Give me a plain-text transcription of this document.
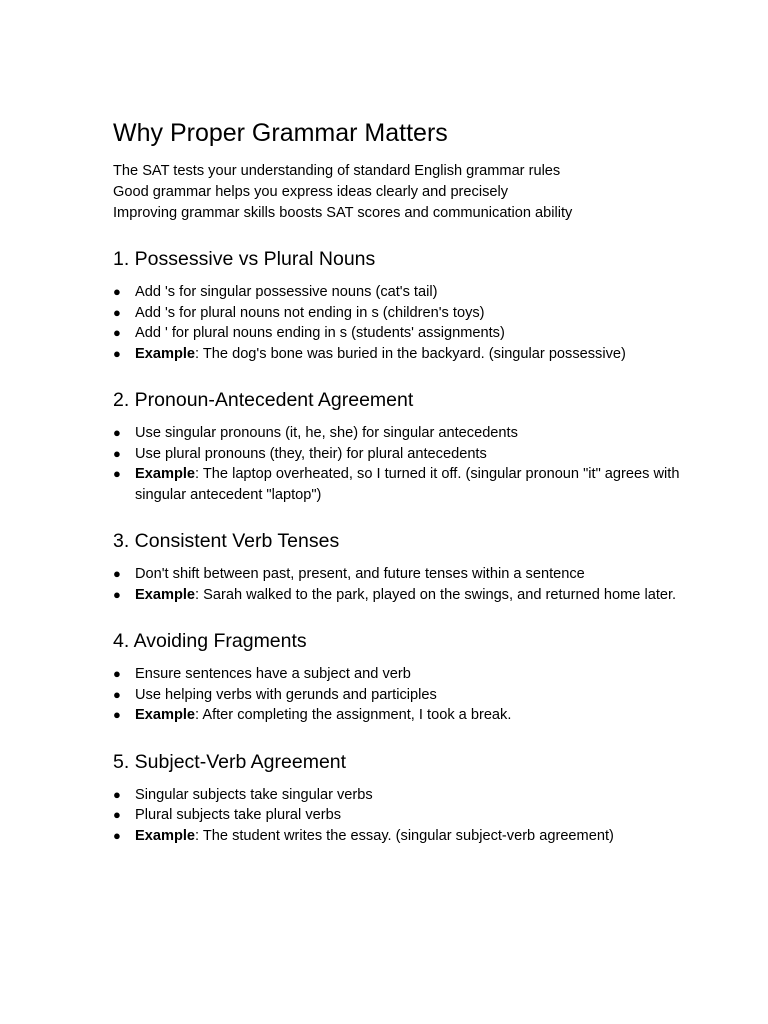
Why Proper Grammar Matters

The SAT tests your understanding of standard English grammar rules

Good grammar helps you express ideas clearly and precisely

Improving grammar skills boosts SAT scores and communication ability

1. Possessive vs Plural Nouns
● Add 's for singular possessive nouns (cat's tail)
● Add 's for plural nouns not ending in s (children's toys)
● Add ' for plural nouns ending in s (students' assignments)
● Example: The dog's bone was buried in the backyard. (singular possessive)
2. Pronoun-Antecedent Agreement
● Use singular pronouns (it, he, she) for singular antecedents
● Use plural pronouns (they, their) for plural antecedents
● Example: The laptop overheated, so I turned it off. (singular pronoun "it" agrees with singular antecedent "laptop")
3. Consistent Verb Tenses
● Don't shift between past, present, and future tenses within a sentence
● Example: Sarah walked to the park, played on the swings, and returned home later.
4. Avoiding Fragments
● Ensure sentences have a subject and verb
● Use helping verbs with gerunds and participles
● Example: After completing the assignment, I took a break.
5. Subject-Verb Agreement
● Singular subjects take singular verbs
● Plural subjects take plural verbs
● Example: The student writes the essay. (singular subject-verb agreement)
